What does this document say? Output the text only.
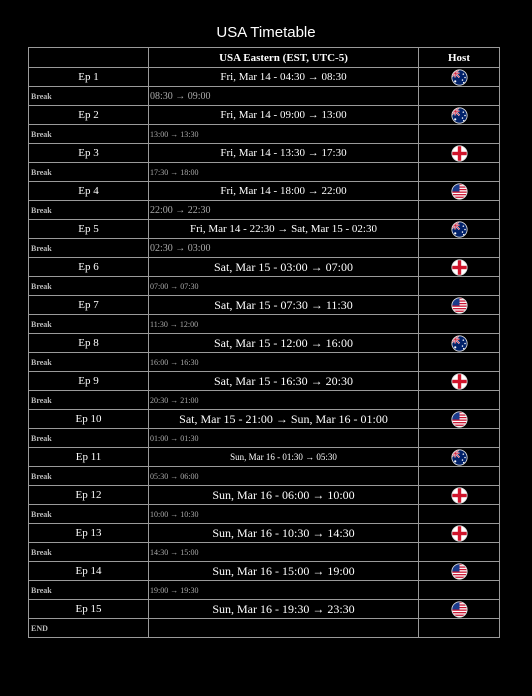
USA Timetable
	USA Eastern (EST, UTC-5)	Host
Ep 1	Fri, Mar 14 - 04:30 → 08:30	

Break	08:30 → 09:00	
Ep 2	Fri, Mar 14 - 09:00 → 13:00	

Break	13:00 → 13:30	
Ep 3	Fri, Mar 14 - 13:30 → 17:30	

Break	17:30 → 18:00	
Ep 4	Fri, Mar 14 - 18:00 → 22:00	

Break	22:00 → 22:30	
Ep 5	Fri, Mar 14 - 22:30 → Sat, Mar 15 - 02:30	

Break	02:30 → 03:00	
Ep 6	Sat, Mar 15 - 03:00 → 07:00	

Break	07:00 → 07:30	
Ep 7	Sat, Mar 15 - 07:30 → 11:30	

Break	11:30 → 12:00	
Ep 8	Sat, Mar 15 - 12:00 → 16:00	

Break	16:00 → 16:30	
Ep 9	Sat, Mar 15 - 16:30 → 20:30	

Break	20:30 → 21:00	
Ep 10	Sat, Mar 15 - 21:00 → Sun, Mar 16 - 01:00	

Break	01:00 → 01:30	
Ep 11	Sun, Mar 16 - 01:30 → 05:30	

Break	05:30 → 06:00	
Ep 12	Sun, Mar 16 - 06:00 → 10:00	

Break	10:00 → 10:30	
Ep 13	Sun, Mar 16 - 10:30 → 14:30	

Break	14:30 → 15:00	
Ep 14	Sun, Mar 16 - 15:00 → 19:00	

Break	19:00 → 19:30	
Ep 15	Sun, Mar 16 - 19:30 → 23:30	

END		
